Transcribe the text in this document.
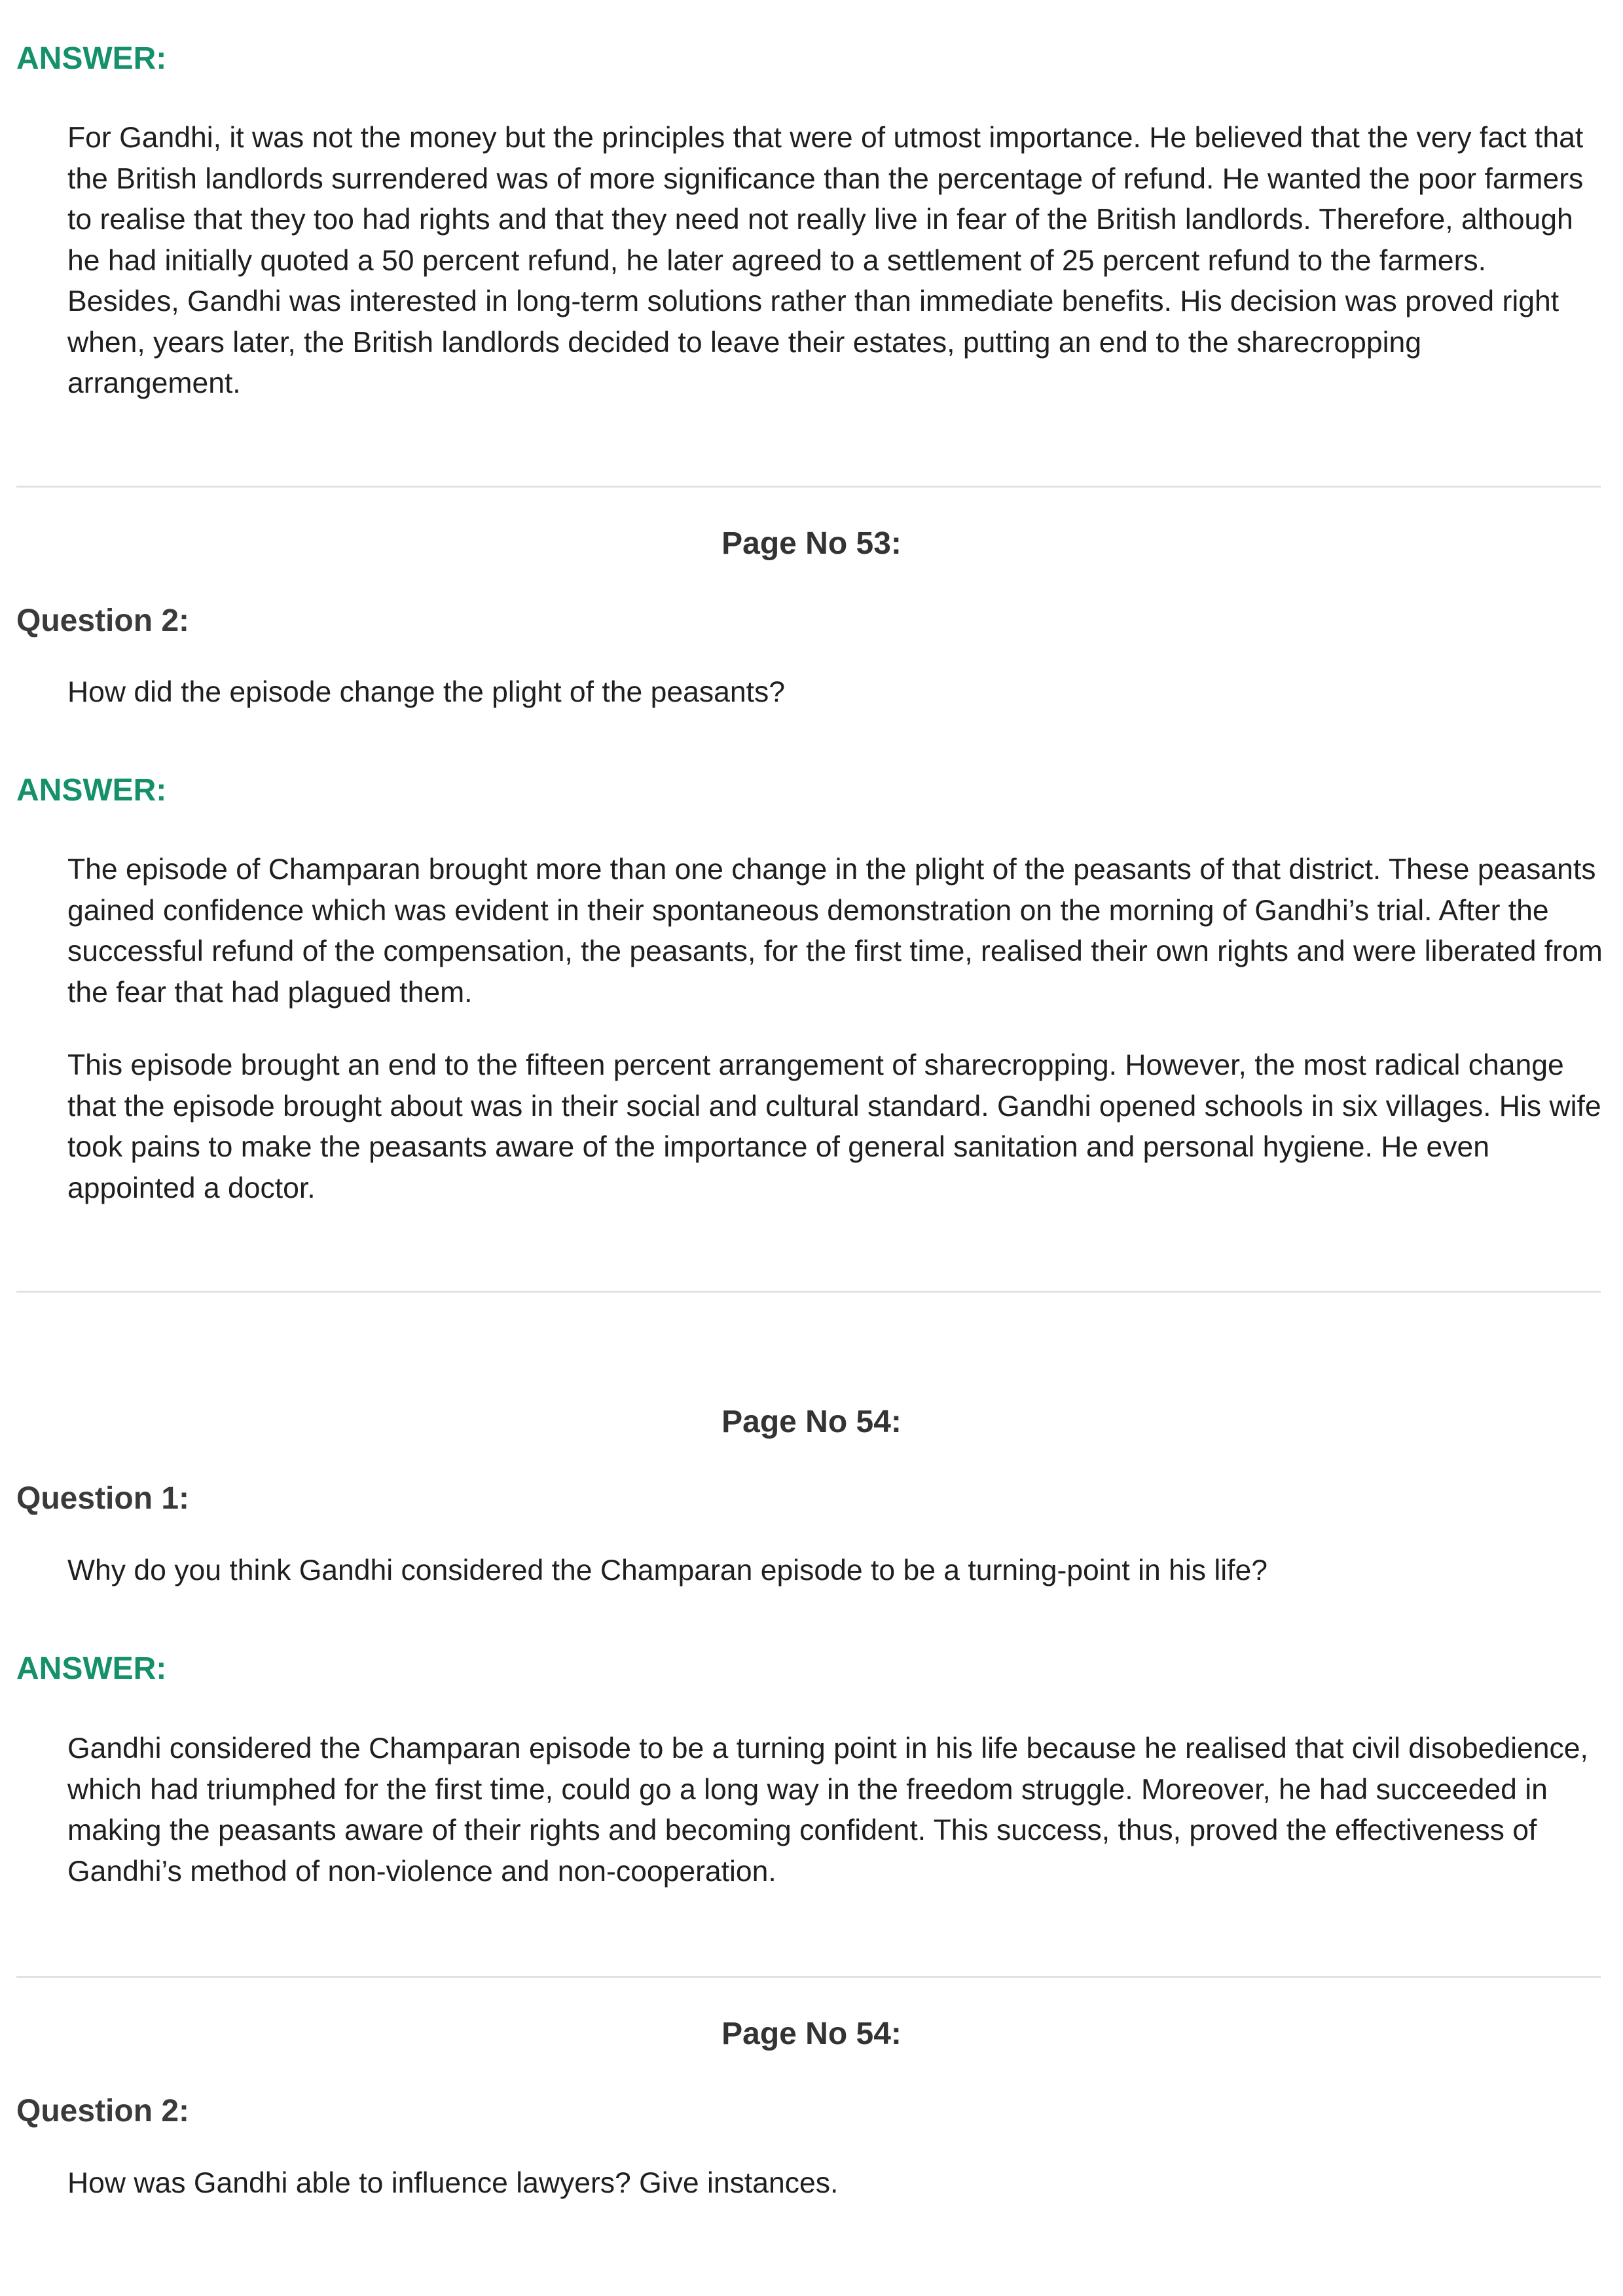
ANSWER:

For Gandhi, it was not the money but the principles that were of utmost importance. He believed that the very fact that the British landlords surrendered was of more significance than the percentage of refund. He wanted the poor farmers to realise that they too had rights and that they need not really live in fear of the British landlords. Therefore, although he had initially quoted a 50 percent refund, he later agreed to a settlement of 25 percent refund to the farmers. Besides, Gandhi was interested in long-term solutions rather than immediate benefits. His decision was proved right when, years later, the British landlords decided to leave their estates, putting an end to the sharecropping arrangement.

Page No 53:
Question 2:

How did the episode change the plight of the peasants?

ANSWER:

The episode of Champaran brought more than one change in the plight of the peasants of that district. These peasants gained confidence which was evident in their spontaneous demonstration on the morning of Gandhi’s trial. After the successful refund of the compensation, the peasants, for the first time, realised their own rights and were liberated from the fear that had plagued them.

This episode brought an end to the fifteen percent arrangement of sharecropping. However, the most radical change that the episode brought about was in their social and cultural standard. Gandhi opened schools in six villages. His wife took pains to make the peasants aware of the importance of general sanitation and personal hygiene. He even appointed a doctor.

Page No 54:
Question 1:

Why do you think Gandhi considered the Champaran episode to be a turning-point in his life?

ANSWER:

Gandhi considered the Champaran episode to be a turning point in his life because he realised that civil disobedience, which had triumphed for the first time, could go a long way in the freedom struggle. Moreover, he had succeeded in making the peasants aware of their rights and becoming confident. This success, thus, proved the effectiveness of Gandhi’s method of non-violence and non-cooperation.

Page No 54:
Question 2:

How was Gandhi able to influence lawyers? Give instances.
